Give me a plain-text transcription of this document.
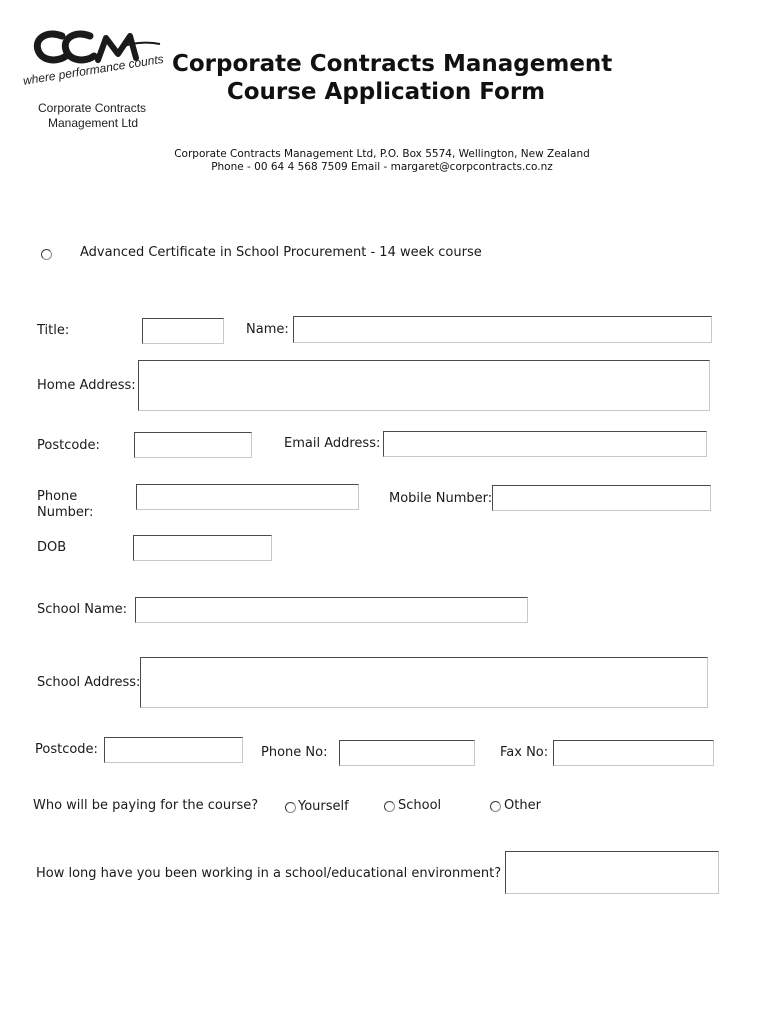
where performance counts
Corporate Contracts
Management Ltd
Corporate Contracts Management
Course Application Form
Corporate Contracts Management Ltd, P.O. Box 5574, Wellington, New Zealand
Phone - 00 64 4 568 7509 Email - margaret@corpcontracts.co.nz
Advanced Certificate in School Procurement - 14 week course
Title:	Name:
Home Address:
Postcode:	Email Address:
Phone
Number:
Mobile Number:
DOB
School Name:
School Address:
Postcode:	Phone No:	Fax No:
Who will be paying for the course?	Yourself	School	Other
How long have you been working in a school/educational environment?
